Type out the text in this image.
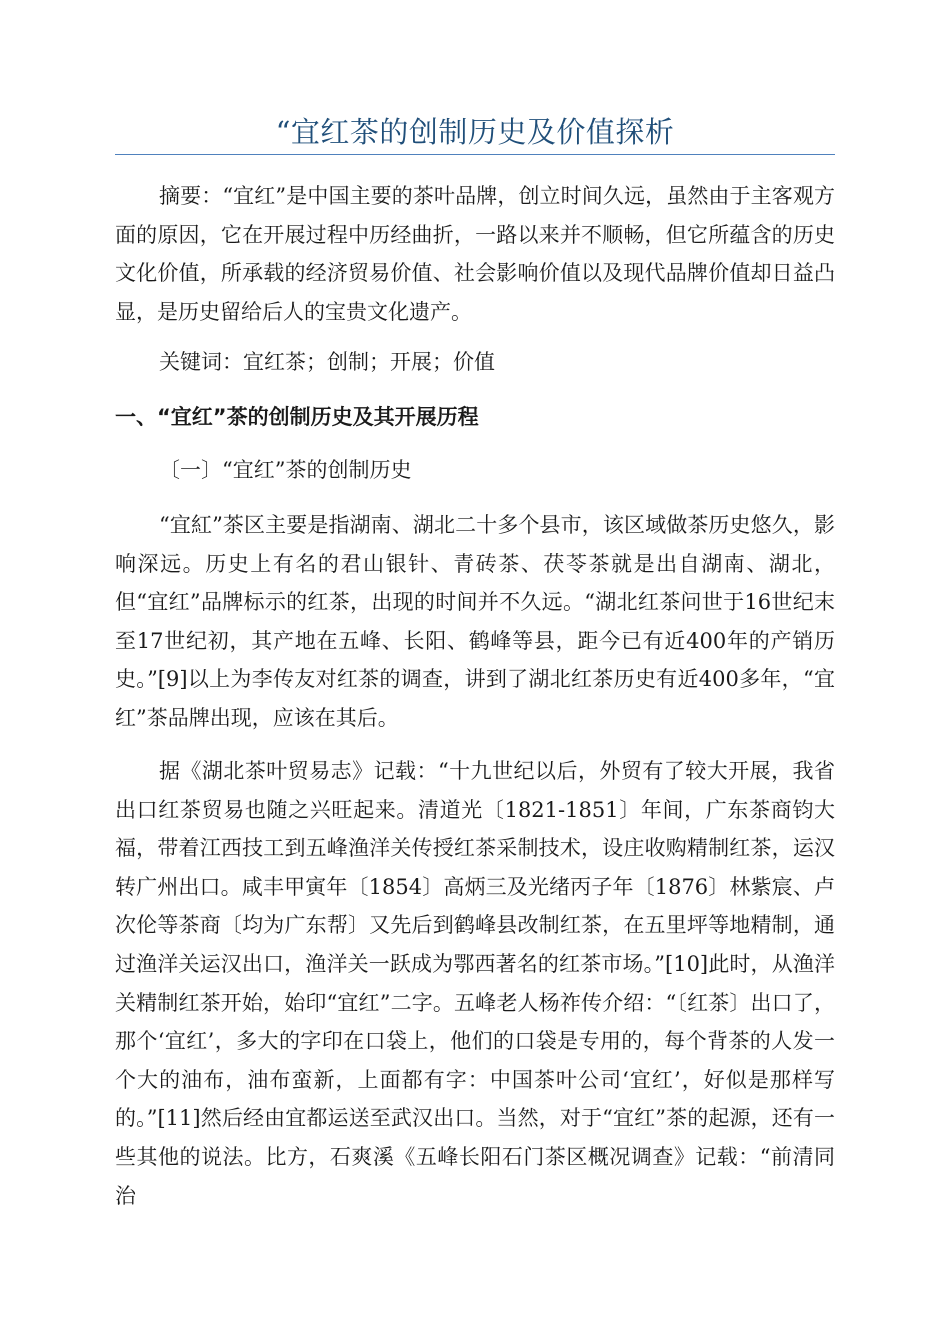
“宜红茶的创制历史及价值探析
摘要：“宜红”是中国主要的茶叶品牌，创立时间久远，虽然由于主客观方面的原因，它在开展过程中历经曲折，一路以来并不顺畅，但它所蕴含的历史文化价值，所承载的经济贸易价值、社会影响价值以及现代品牌价值却日益凸显，是历史留给后人的宝贵文化遗产。
关键词：宜红茶；创制；开展；价值
一、“宜红”茶的创制历史及其开展历程
〔一〕“宜红”茶的创制历史
“宜紅”茶区主要是指湖南、湖北二十多个县市，该区域做茶历史悠久，影响深远。历史上有名的君山银针、青砖茶、茯苓茶就是出自湖南、湖北，但“宜红”品牌标示的红茶，出现的时间并不久远。“湖北红茶问世于16世纪末至17世纪初，其产地在五峰、长阳、鹤峰等县，距今已有近400年的产销历史。”[9]以上为李传友对红茶的调查，讲到了湖北红茶历史有近400多年，“宜红”茶品牌出现，应该在其后。
据《湖北茶叶贸易志》记载：“十九世纪以后，外贸有了较大开展，我省出口红茶贸易也随之兴旺起来。清道光〔1821-1851〕年间，广东茶商钧大福，带着江西技工到五峰渔洋关传授红茶采制技术，设庄收购精制红茶，运汉转广州出口。咸丰甲寅年〔1854〕高炳三及光绪丙子年〔1876〕林紫宸、卢次伦等茶商〔均为广东帮〕又先后到鹤峰县改制红茶，在五里坪等地精制，通过渔洋关运汉出口，渔洋关一跃成为鄂西著名的红茶市场。”[10]此时，从渔洋关精制红茶开始，始印“宜红”二字。五峰老人杨祚传介绍：“〔红茶〕出口了，那个‘宜红’，多大的字印在口袋上，他们的口袋是专用的，每个背茶的人发一个大的油布，油布蛮新，上面都有字：中国茶叶公司‘宜红’，好似是那样写的。”[11]然后经由宜都运送至武汉出口。当然，对于“宜红”茶的起源，还有一些其他的说法。比方，石爽溪《五峰长阳石门茶区概况调查》记载：“前清同治
